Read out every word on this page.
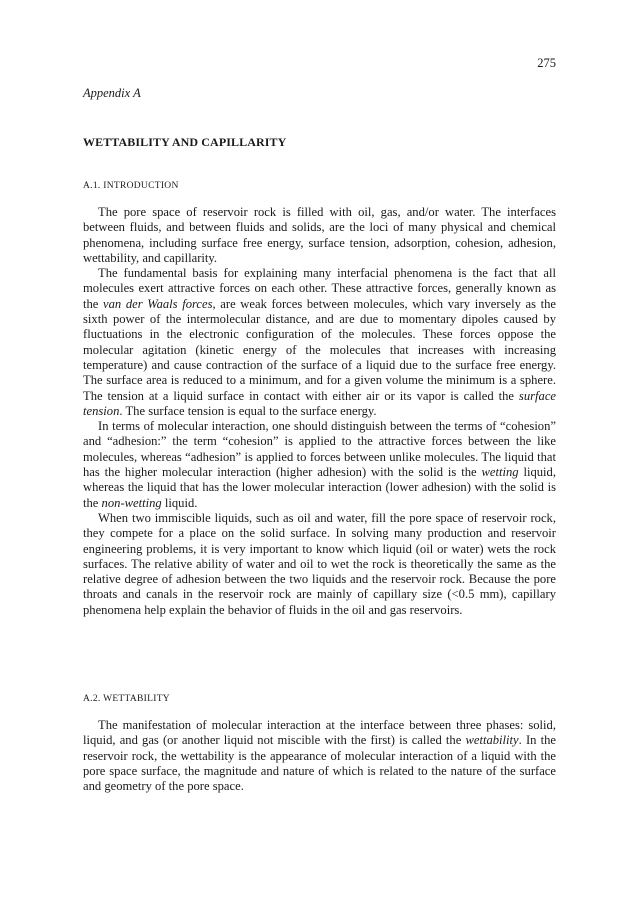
275
Appendix A
WETTABILITY AND CAPILLARITY
A.1. INTRODUCTION

The pore space of reservoir rock is filled with oil, gas, and/or water. The interfaces between fluids, and between fluids and solids, are the loci of many physical and chemical phenomena, including surface free energy, surface tension, adsorption, cohesion, adhesion, wettability, and capillarity.

The fundamental basis for explaining many interfacial phenomena is the fact that all molecules exert attractive forces on each other. These attractive forces, generally known as the van der Waals forces, are weak forces between molecules, which vary inversely as the sixth power of the intermolecular distance, and are due to momentary dipoles caused by fluctuations in the electronic configuration of the molecules. These forces oppose the molecular agitation (kinetic energy of the molecules that increases with increasing temperature) and cause contraction of the surface of a liquid due to the surface free energy. The surface area is reduced to a minimum, and for a given volume the minimum is a sphere. The tension at a liquid surface in contact with either air or its vapor is called the surface tension. The surface tension is equal to the surface energy.

In terms of molecular interaction, one should distinguish between the terms of “cohesion” and “adhesion:” the term “cohesion” is applied to the attractive forces between the like molecules, whereas “adhesion” is applied to forces between unlike molecules. The liquid that has the higher molecular interaction (higher adhesion) with the solid is the wetting liquid, whereas the liquid that has the lower molecular interaction (lower adhesion) with the solid is the non-wetting liquid.

When two immiscible liquids, such as oil and water, fill the pore space of reservoir rock, they compete for a place on the solid surface. In solving many production and reservoir engineering problems, it is very important to know which liquid (oil or water) wets the rock surfaces. The relative ability of water and oil to wet the rock is theoretically the same as the relative degree of adhesion between the two liquids and the reservoir rock. Because the pore throats and canals in the reservoir rock are mainly of capillary size (<0.5 mm), capillary phenomena help explain the behavior of fluids in the oil and gas reservoirs.

A.2. WETTABILITY

The manifestation of molecular interaction at the interface between three phases: solid, liquid, and gas (or another liquid not miscible with the first) is called the wettability. In the reservoir rock, the wettability is the appearance of molecular interaction of a liquid with the pore space surface, the magnitude and nature of which is related to the nature of the surface and geometry of the pore space.
